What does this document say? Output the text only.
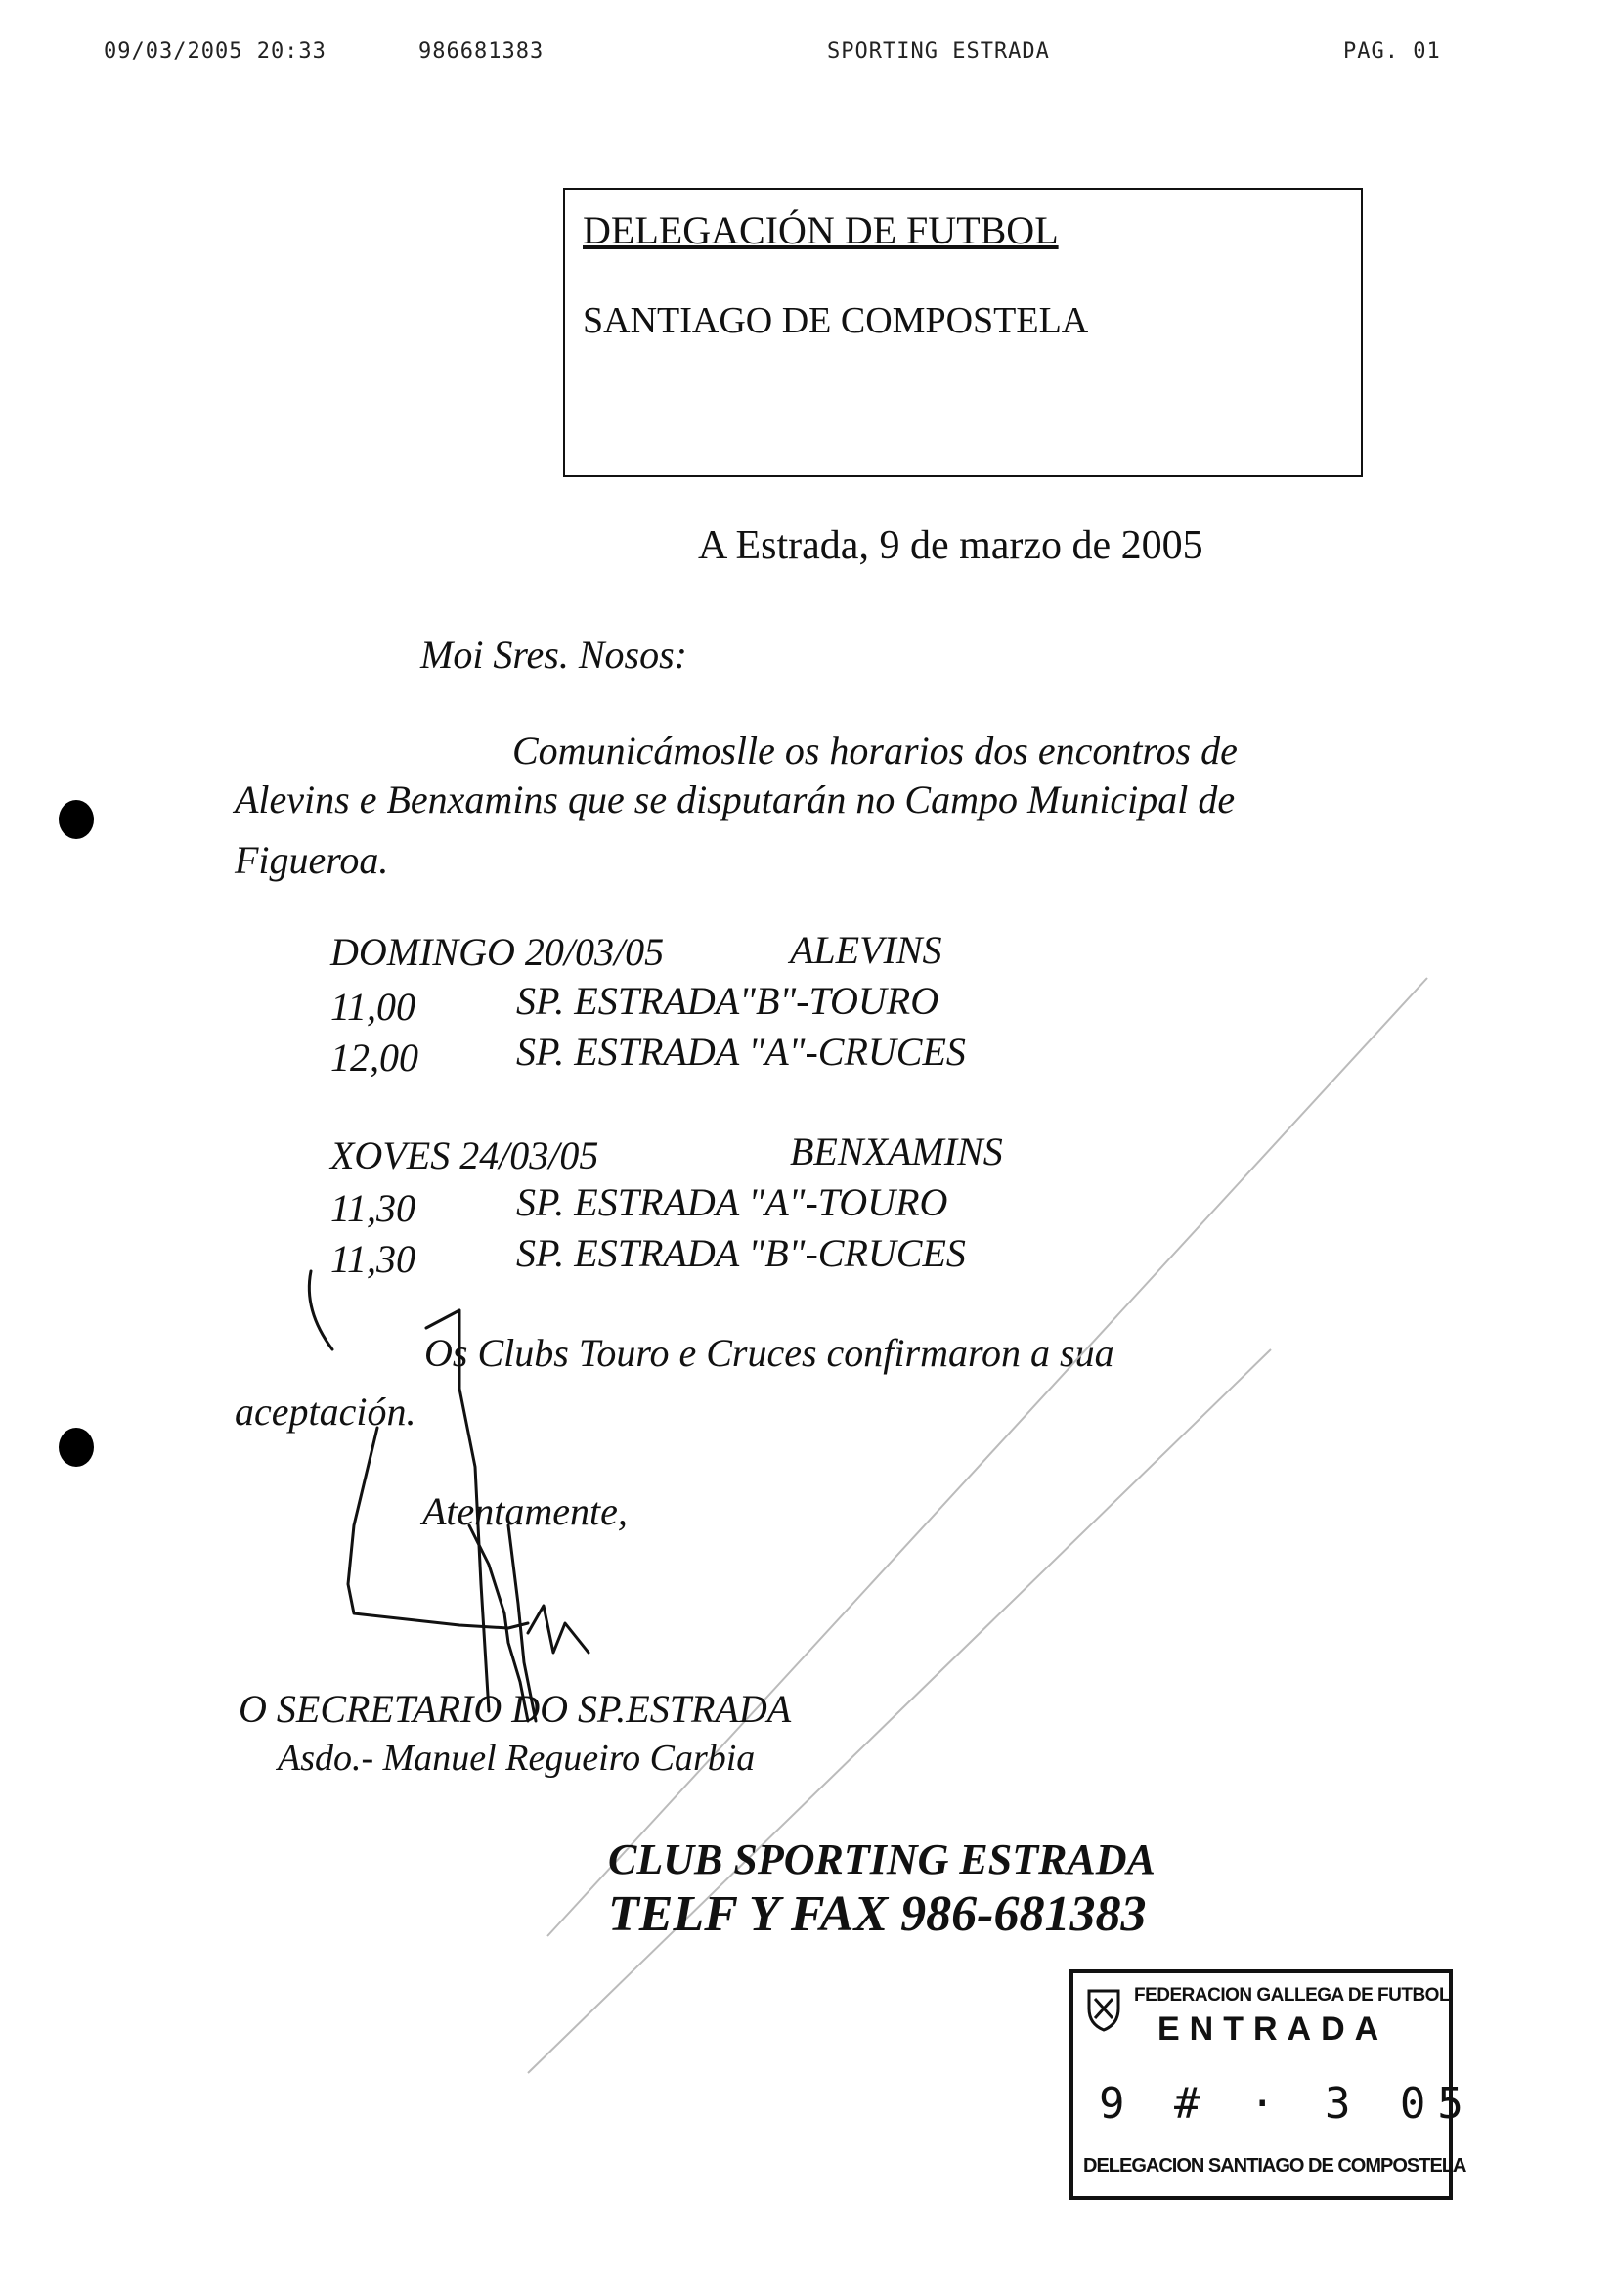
09/03/2005 20:33	986681383	SPORTING ESTRADA	PAG. 01
DELEGACIÓN DE FUTBOL
SANTIAGO DE COMPOSTELA
A Estrada, 9 de marzo de 2005
Moi Sres. Nosos:
Comunicámoslle os horarios dos encontros de
Alevins e Benxamins que se disputarán no Campo Municipal de
Figueroa.
DOMINGO 20/03/05	ALEVINS
11,00	SP. ESTRADA"B"-TOURO
12,00	SP. ESTRADA "A"-CRUCES
XOVES 24/03/05	BENXAMINS
11,30	SP. ESTRADA "A"-TOURO
11,30	SP. ESTRADA "B"-CRUCES
Os Clubs Touro e Cruces confirmaron a sua
aceptación.
Atentamente,
O SECRETARIO DO SP.ESTRADA
Asdo.- Manuel Regueiro Carbia
CLUB SPORTING ESTRADA
TELF Y FAX 986-681383
FEDERACION GALLEGA DE FUTBOL
ENTRADA
9 # · 3 05
DELEGACION SANTIAGO DE COMPOSTELA
